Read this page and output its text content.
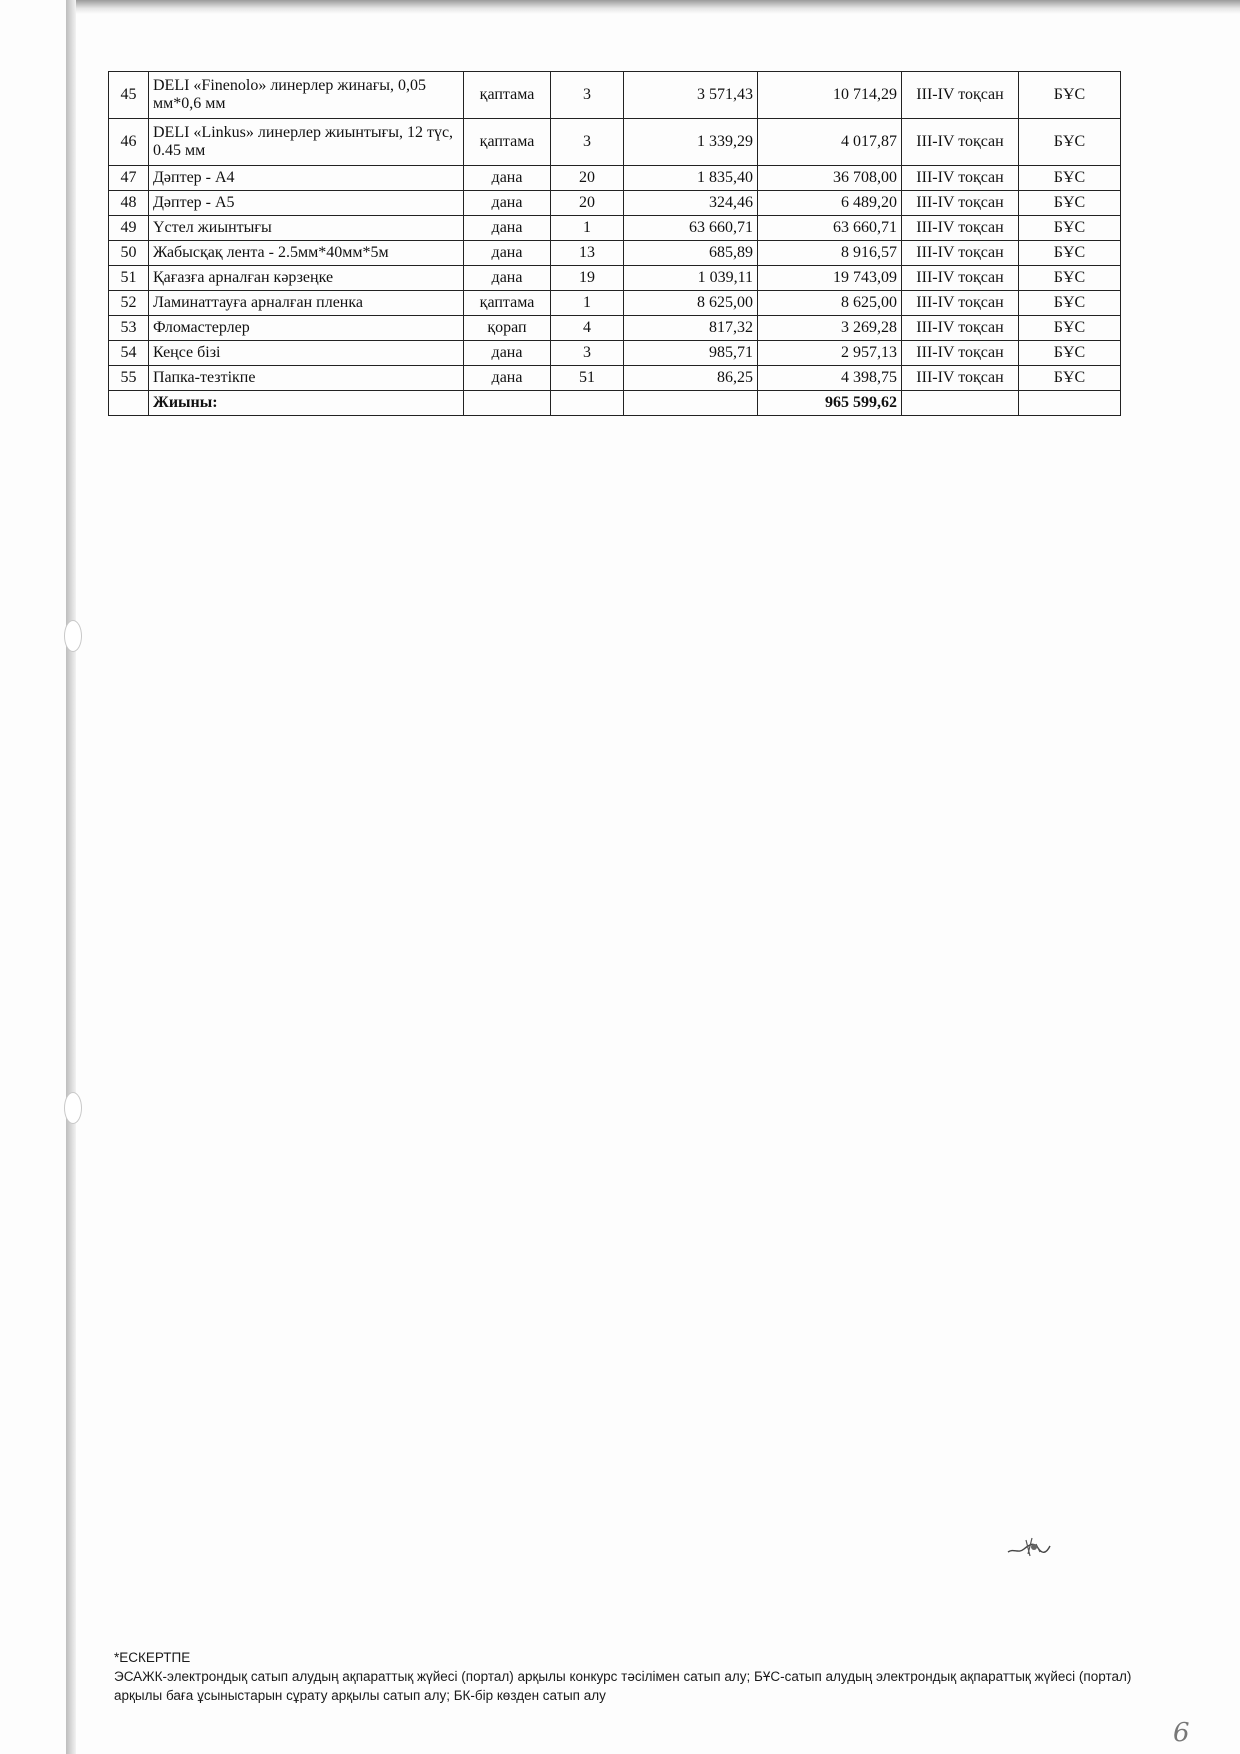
45	DELI «Finenolo» линерлер жинағы, 0,05 мм*0,6 мм	қаптама	3	3 571,43	10 714,29	III-IV тоқсан	БҰС
46	DELI «Linkus» линерлер жиынтығы, 12 түс, 0.45 мм	қаптама	3	1 339,29	4 017,87	III-IV тоқсан	БҰС
47	Дәптер - А4	дана	20	1 835,40	36 708,00	III-IV тоқсан	БҰС
48	Дәптер - А5	дана	20	324,46	6 489,20	III-IV тоқсан	БҰС
49	Үстел жиынтығы	дана	1	63 660,71	63 660,71	III-IV тоқсан	БҰС
50	Жабысқақ лента - 2.5мм*40мм*5м	дана	13	685,89	8 916,57	III-IV тоқсан	БҰС
51	Қағазға арналған кәрзеңке	дана	19	1 039,11	19 743,09	III-IV тоқсан	БҰС
52	Ламинаттауға арналған пленка	қаптама	1	8 625,00	8 625,00	III-IV тоқсан	БҰС
53	Фломастерлер	қорап	4	817,32	3 269,28	III-IV тоқсан	БҰС
54	Кеңсе бізі	дана	3	985,71	2 957,13	III-IV тоқсан	БҰС
55	Папка-тезтікпе	дана	51	86,25	4 398,75	III-IV тоқсан	БҰС
	Жиыны:				965 599,62		
*ЕСКЕРТПЕ
ЭСАЖК-электрондық сатып алудың ақпараттық жүйесі (портал) арқылы конкурс тәсілімен сатып алу; БҰС-сатып алудың электрондық ақпараттық жүйесі (портал) арқылы баға ұсыныстарын сұрату арқылы сатып алу; БК-бір көзден сатып алу
6
